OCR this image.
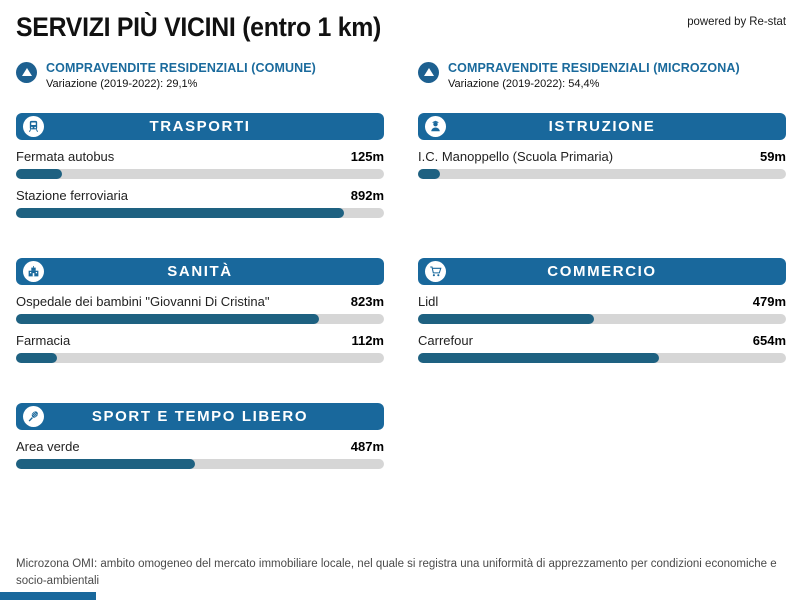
SERVIZI PIÙ VICINI (entro 1 km)	powered by Re-stat
COMPRAVENDITE RESIDENZIALI (COMUNE)
Variazione (2019-2022): 29,1%
COMPRAVENDITE RESIDENZIALI (MICROZONA)
Variazione (2019-2022): 54,4%
TRASPORTI
Fermata autobus	125m
Stazione ferroviaria	892m
ISTRUZIONE
I.C. Manoppello (Scuola Primaria)	59m
SANITÀ
Ospedale dei bambini "Giovanni Di Cristina"	823m
Farmacia	112m
COMMERCIO
Lidl	479m
Carrefour	654m
SPORT E TEMPO LIBERO
Area verde	487m
Microzona OMI: ambito omogeneo del mercato immobiliare locale, nel quale si registra una uniformità di apprezzamento per condizioni economiche e socio-ambientali
